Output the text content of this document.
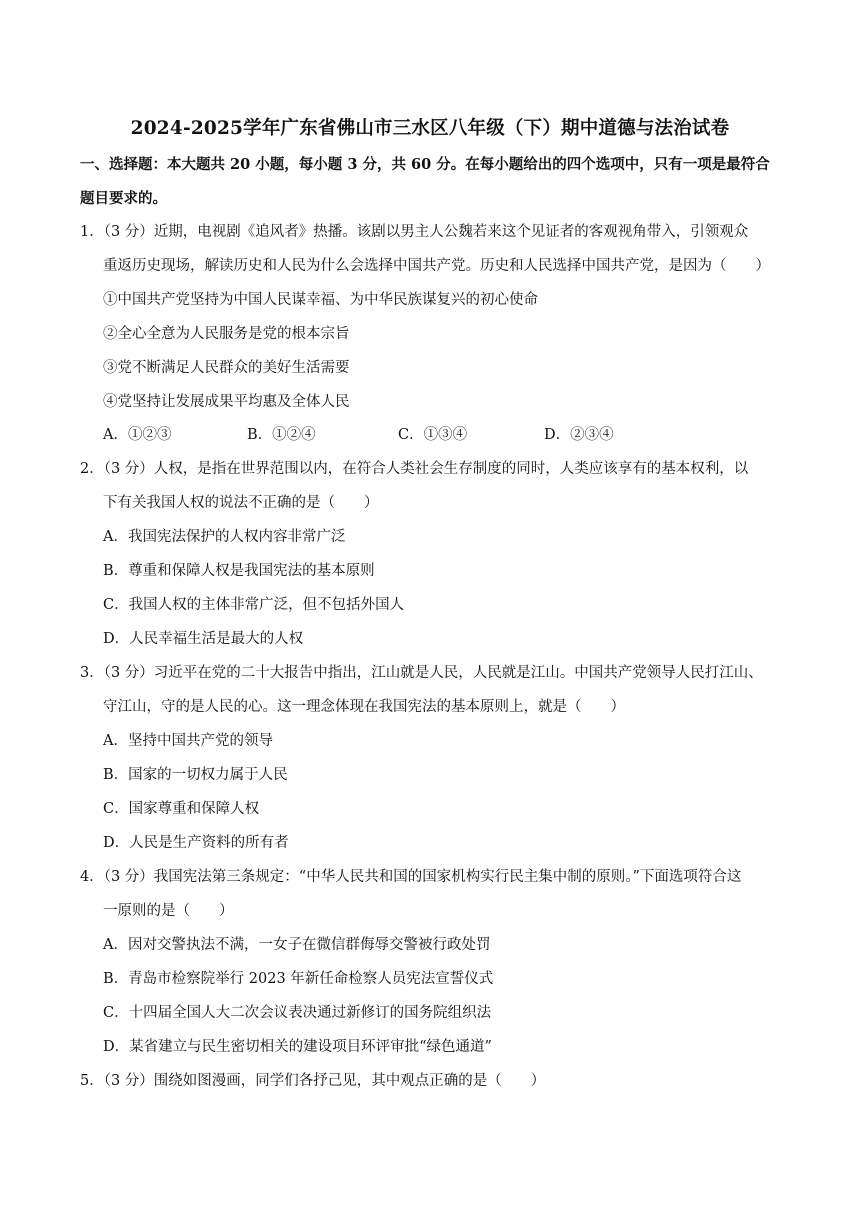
2024-2025学年广东省佛山市三水区八年级（下）期中道德与法治试卷
一、选择题：本大题共 20 小题，每小题 3 分，共 60 分。在每小题给出的四个选项中，只有一项是最符合
题目要求的。
1．（3 分）近期，电视剧《追风者》热播。该剧以男主人公魏若来这个见证者的客观视角带入，引领观众
重返历史现场，解读历史和人民为什么会选择中国共产党。历史和人民选择中国共产党，是因为（　　）
①中国共产党坚持为中国人民谋幸福、为中华民族谋复兴的初心使命
②全心全意为人民服务是党的根本宗旨
③党不断满足人民群众的美好生活需要
④党坚持让发展成果平均惠及全体人民
A．①②③	B．①②④	C．①③④	D．②③④
2．（3 分）人权，是指在世界范围以内，在符合人类社会生存制度的同时，人类应该享有的基本权利，以
下有关我国人权的说法不正确的是（　　）
A．我国宪法保护的人权内容非常广泛
B．尊重和保障人权是我国宪法的基本原则
C．我国人权的主体非常广泛，但不包括外国人
D．人民幸福生活是最大的人权
3．（3 分）习近平在党的二十大报告中指出，江山就是人民，人民就是江山。中国共产党领导人民打江山、
守江山，守的是人民的心。这一理念体现在我国宪法的基本原则上，就是（　　）
A．坚持中国共产党的领导
B．国家的一切权力属于人民
C．国家尊重和保障人权
D．人民是生产资料的所有者
4．（3 分）我国宪法第三条规定：“中华人民共和国的国家机构实行民主集中制的原则。”下面选项符合这
一原则的是（　　）
A．因对交警执法不满，一女子在微信群侮辱交警被行政处罚
B．青岛市检察院举行 2023 年新任命检察人员宪法宣誓仪式
C．十四届全国人大二次会议表决通过新修订的国务院组织法
D．某省建立与民生密切相关的建设项目环评审批“绿色通道”
5．（3 分）围绕如图漫画，同学们各抒己见，其中观点正确的是（　　）
